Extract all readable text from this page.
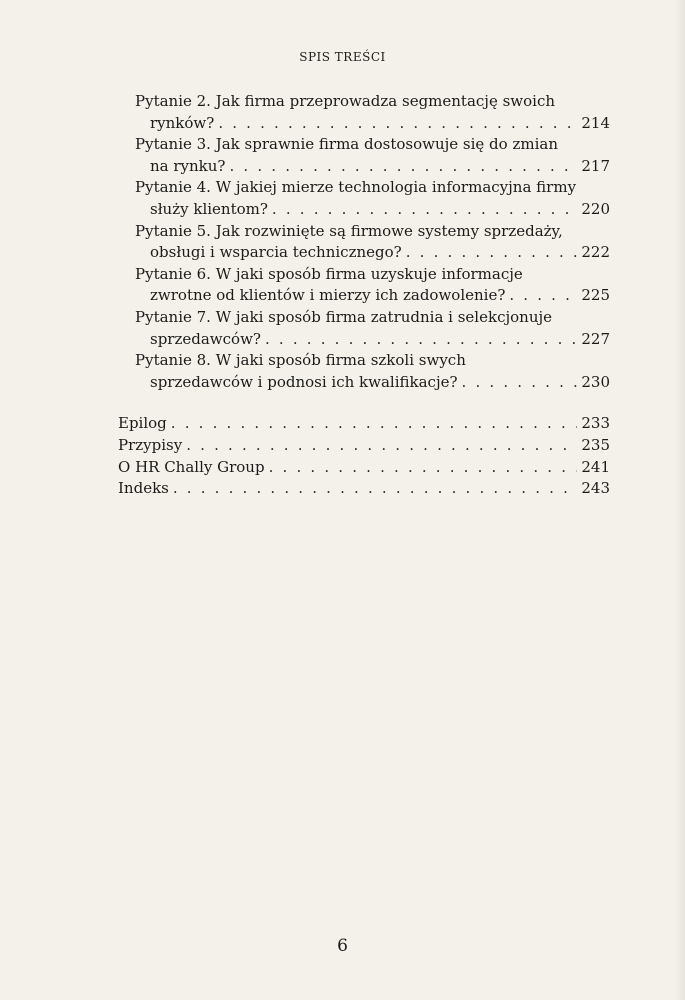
SPIS TREŚCI
Pytanie 2. Jak firma przeprowadza segmentację swoich
rynków? . . .	214
Pytanie 3. Jak sprawnie firma dostosowuje się do zmian
na rynku? . . .	217
Pytanie 4. W jakiej mierze technologia informacyjna firmy
służy klientom? . . .	220
Pytanie 5. Jak rozwinięte są firmowe systemy sprzedaży,
obsługi i wsparcia technicznego? . . .	222
Pytanie 6. W jaki sposób firma uzyskuje informacje
zwrotne od klientów i mierzy ich zadowolenie? . . .	225
Pytanie 7. W jaki sposób firma zatrudnia i selekcjonuje
sprzedawców? . . .	227
Pytanie 8. W jaki sposób firma szkoli swych
sprzedawców i podnosi ich kwalifikacje? . . .	230
Epilog . . .	233
Przypisy . . .	235
O HR Chally Group . . .	241
Indeks . . .	243
6
